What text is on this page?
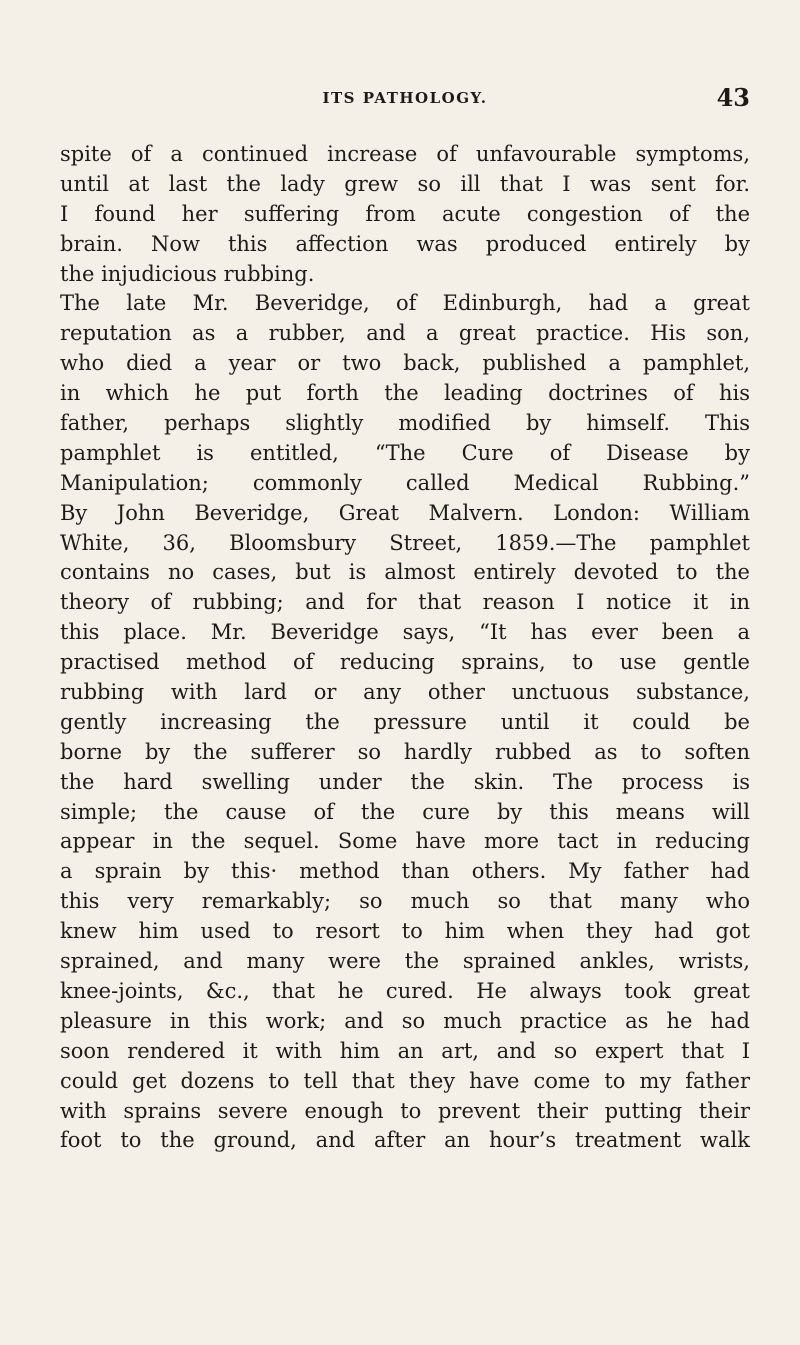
ITS PATHOLOGY.	43
spite of a continued increase of unfavourable symptoms,
until at last the lady grew so ill that I was sent for.
I found her suffering from acute congestion of the
brain. Now this affection was produced entirely by
the injudicious rubbing.
The late Mr. Beveridge, of Edinburgh, had a great
reputation as a rubber, and a great practice. His son,
who died a year or two back, published a pamphlet,
in which he put forth the leading doctrines of his
father, perhaps slightly modified by himself. This
pamphlet is entitled, “The Cure of Disease by
Manipulation; commonly called Medical Rubbing.”
By John Beveridge, Great Malvern. London: William
White, 36, Bloomsbury Street, 1859.—The pamphlet
contains no cases, but is almost entirely devoted to the
theory of rubbing; and for that reason I notice it in
this place. Mr. Beveridge says, “It has ever been a
practised method of reducing sprains, to use gentle
rubbing with lard or any other unctuous substance,
gently increasing the pressure until it could be
borne by the sufferer so hardly rubbed as to soften
the hard swelling under the skin. The process is
simple; the cause of the cure by this means will
appear in the sequel. Some have more tact in reducing
a sprain by this· method than others. My father had
this very remarkably; so much so that many who
knew him used to resort to him when they had got
sprained, and many were the sprained ankles, wrists,
knee-joints, &c., that he cured. He always took great
pleasure in this work; and so much practice as he had
soon rendered it with him an art, and so expert that I
could get dozens to tell that they have come to my father
with sprains severe enough to prevent their putting their
foot to the ground, and after an hour’s treatment walk
